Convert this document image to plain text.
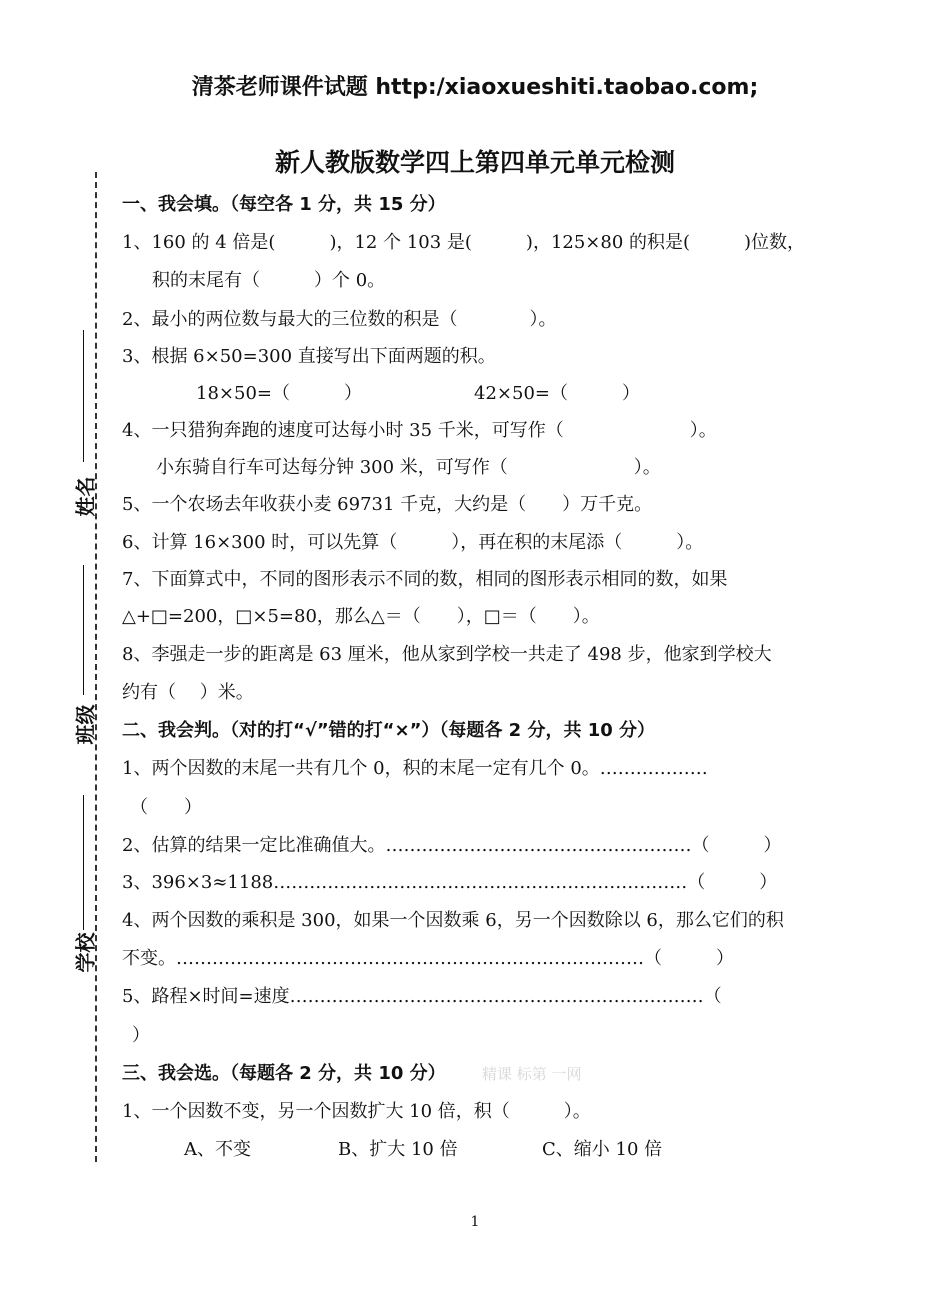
清茶老师课件试题 http:/xiaoxueshiti.taobao.com;
新人教版数学四上第四单元单元检测
姓名
班级
学校
一、我会填。（每空各 1 分，共 15 分）
1、160 的 4 倍是(　　　)，12 个 103 是(　　　)，125×80 的积是(　　　)位数，
积的末尾有（　　　）个 0。
2、最小的两位数与最大的三位数的积是（　　　　）。
3、根据 6×50=300 直接写出下面两题的积。
18×50=（　　　）	42×50=（　　　）
4、一只猎狗奔跑的速度可达每小时 35 千米，可写作（　　　　　　　）。
小东骑自行车可达每分钟 300 米，可写作（　　　　　　　）。
5、一个农场去年收获小麦 69731 千克，大约是（　　）万千克。
6、计算 16×300 时，可以先算（　　　），再在积的末尾添（　　　）。
7、下面算式中，不同的图形表示不同的数，相同的图形表示相同的数，如果
△+□=200，□×5=80，那么△＝（　　），□＝（　　）。
8、李强走一步的距离是 63 厘米，他从家到学校一共走了 498 步，他家到学校大
约有（　 ）米。
二、我会判。（对的打“√”错的打“×”）（每题各 2 分，共 10 分）
1、两个因数的末尾一共有几个 0，积的末尾一定有几个 0。………………
（　　）
2、估算的结果一定比准确值大。……………………………………………（　　　）
3、396×3≈1188……………………………………………………………（　　　）
4、两个因数的乘积是 300，如果一个因数乘 6，另一个因数除以 6，那么它们的积
不变。……………………………………………………………………（　　　）
5、路程×时间=速度……………………………………………………………（
）
三、我会选。（每题各 2 分，共 10 分） 精课 标第 一网
1、一个因数不变，另一个因数扩大 10 倍，积（　　　）。
A、不变	B、扩大 10 倍	C、缩小 10 倍
1
